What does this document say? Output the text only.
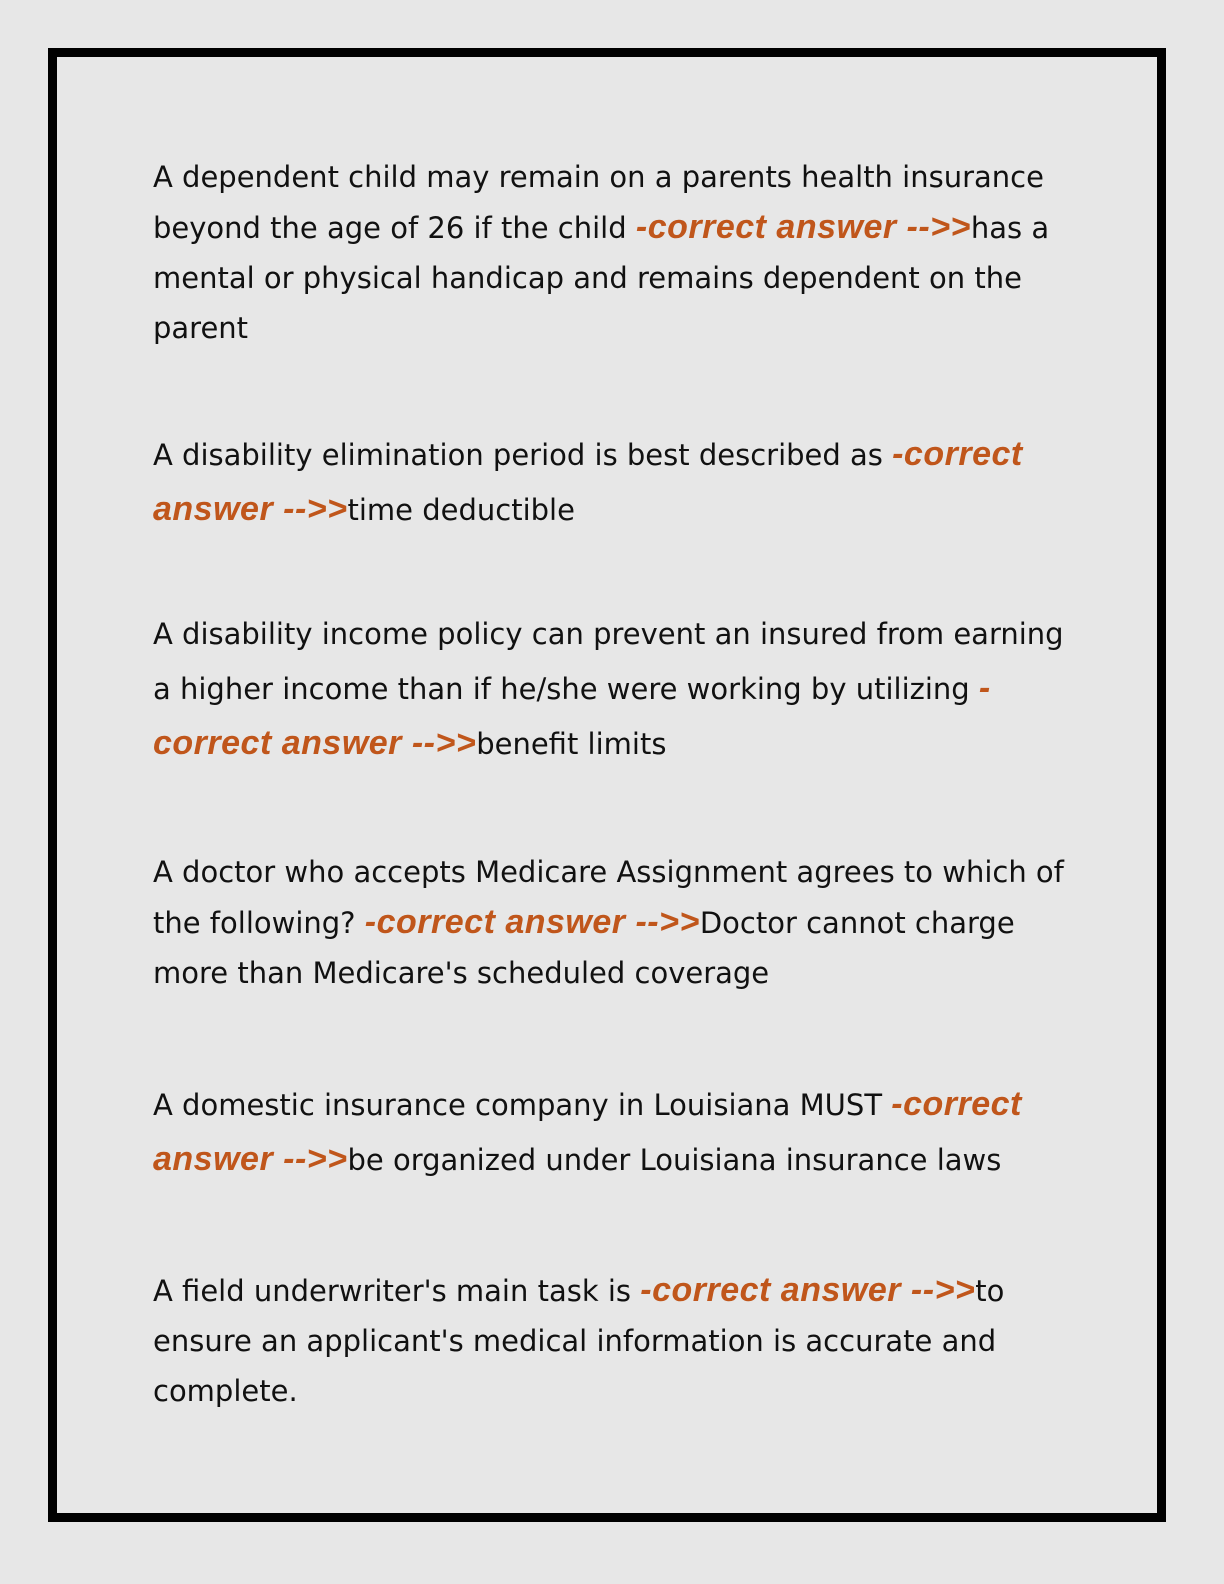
A dependent child may remain on a parents health insurance beyond the age of 26 if the child -correct answer -->>has a mental or physical handicap and remains dependent on the parent

A disability elimination period is best described as -correct answer -->>time deductible

A disability income policy can prevent an insured from earning a higher income than if he/she were working by utilizing -correct answer -->>benefit limits

A doctor who accepts Medicare Assignment agrees to which of the following? -correct answer -->>Doctor cannot charge more than Medicare's scheduled coverage

A domestic insurance company in Louisiana MUST -correct answer -->>be organized under Louisiana insurance laws

A field underwriter's main task is -correct answer -->>to ensure an applicant's medical information is accurate and complete.
